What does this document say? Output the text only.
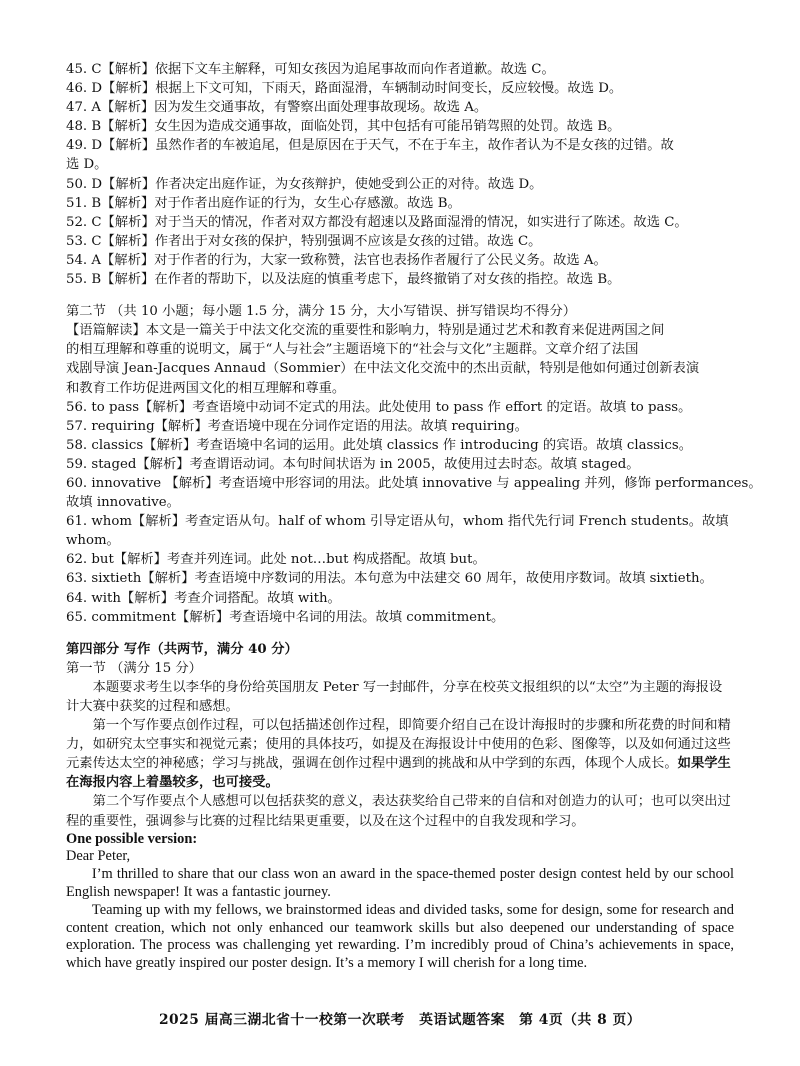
45. C【解析】依据下文车主解释，可知女孩因为追尾事故而向作者道歉。故选 C。
46. D【解析】根据上下文可知，下雨天，路面湿滑，车辆制动时间变长，反应较慢。故选 D。
47. A【解析】因为发生交通事故，有警察出面处理事故现场。故选 A。
48. B【解析】女生因为造成交通事故，面临处罚，其中包括有可能吊销驾照的处罚。故选 B。
49. D【解析】虽然作者的车被追尾，但是原因在于天气，不在于车主，故作者认为不是女孩的过错。故
选 D。
50. D【解析】作者决定出庭作证，为女孩辩护，使她受到公正的对待。故选 D。
51. B【解析】对于作者出庭作证的行为，女生心存感激。故选 B。
52. C【解析】对于当天的情况，作者对双方都没有超速以及路面湿滑的情况，如实进行了陈述。故选 C。
53. C【解析】作者出于对女孩的保护，特别强调不应该是女孩的过错。故选 C。
54. A【解析】对于作者的行为，大家一致称赞，法官也表扬作者履行了公民义务。故选 A。
55. B【解析】在作者的帮助下，以及法庭的慎重考虑下，最终撤销了对女孩的指控。故选 B。
第二节 （共 10 小题；每小题 1.5 分，满分 15 分，大小写错误、拼写错误均不得分）
【语篇解读】本文是一篇关于中法文化交流的重要性和影响力，特别是通过艺术和教育来促进两国之间
的相互理解和尊重的说明文，属于“人与社会”主题语境下的“社会与文化”主题群。文章介绍了法国
戏剧导演 Jean-Jacques Annaud（Sommier）在中法文化交流中的杰出贡献，特别是他如何通过创新表演
和教育工作坊促进两国文化的相互理解和尊重。
56. to pass【解析】考查语境中动词不定式的用法。此处使用 to pass 作 effort 的定语。故填 to pass。
57. requiring【解析】考查语境中现在分词作定语的用法。故填 requiring。
58. classics【解析】考查语境中名词的运用。此处填 classics 作 introducing 的宾语。故填 classics。
59. staged【解析】考查谓语动词。本句时间状语为 in 2005，故使用过去时态。故填 staged。
60. innovative 【解析】考查语境中形容词的用法。此处填 innovative 与 appealing 并列，修饰 performances。
故填 innovative。
61. whom【解析】考查定语从句。half of whom 引导定语从句，whom 指代先行词 French students。故填
whom。
62. but【解析】考查并列连词。此处 not…but 构成搭配。故填 but。
63. sixtieth【解析】考查语境中序数词的用法。本句意为中法建交 60 周年，故使用序数词。故填 sixtieth。
64. with【解析】考查介词搭配。故填 with。
65. commitment【解析】考查语境中名词的用法。故填 commitment。
第四部分 写作（共两节，满分 40 分）
第一节 （满分 15 分）
本题要求考生以李华的身份给英国朋友 Peter 写一封邮件，分享在校英文报组织的以“太空”为主题的海报设计大赛中获奖的过程和感想。
第一个写作要点创作过程，可以包括描述创作过程，即简要介绍自己在设计海报时的步骤和所花费的时间和精力，如研究太空事实和视觉元素；使用的具体技巧，如提及在海报设计中使用的色彩、图像等，以及如何通过这些元素传达太空的神秘感；学习与挑战，强调在创作过程中遇到的挑战和从中学到的东西，体现个人成长。如果学生在海报内容上着墨较多，也可接受。
第二个写作要点个人感想可以包括获奖的意义，表达获奖给自己带来的自信和对创造力的认可；也可以突出过程的重要性，强调参与比赛的过程比结果更重要，以及在这个过程中的自我发现和学习。
One possible version:
Dear Peter,
I’m thrilled to share that our class won an award in the space-themed poster design contest held by our school English newspaper! It was a fantastic journey.
Teaming up with my fellows, we brainstormed ideas and divided tasks, some for design, some for research and content creation, which not only enhanced our teamwork skills but also deepened our understanding of space exploration. The process was challenging yet rewarding. I’m incredibly proud of China’s achievements in space, which have greatly inspired our poster design. It’s a memory I will cherish for a long time.
2025 届高三湖北省十一校第一次联考　英语试题答案　第 4页（共 8 页）
